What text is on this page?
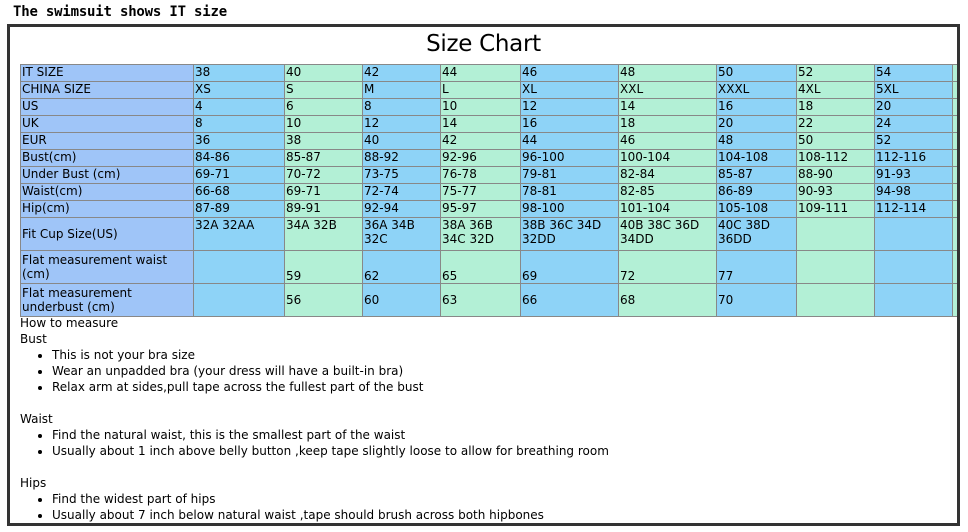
The swimsuit shows IT size
Size Chart
IT SIZE	38	40	42	44	46	48	50	52	54	
CHINA SIZE	XS	S	M	L	XL	XXL	XXXL	4XL	5XL	
US	4	6	8	10	12	14	16	18	20	
UK	8	10	12	14	16	18	20	22	24	
EUR	36	38	40	42	44	46	48	50	52	
Bust(cm)	84-86	85-87	88-92	92-96	96-100	100-104	104-108	108-112	112-116	
Under Bust (cm)	69-71	70-72	73-75	76-78	79-81	82-84	85-87	88-90	91-93	
Waist(cm)	66-68	69-71	72-74	75-77	78-81	82-85	86-89	90-93	94-98	
Hip(cm)	87-89	89-91	92-94	95-97	98-100	101-104	105-108	109-111	112-114	
Fit Cup Size(US)	32A 32AA	34A 32B	36A 34B 32C	38A 36B 34C 32D	38B 36C 34D 32DD	40B 38C 36D 34DD	40C 38D 36DD			
Flat measurement waist (cm)		59	62	65	69	72	77			
Flat measurement underbust (cm)		56	60	63	66	68	70			
How to measure
Bust
• This is not your bra size
• Wear an unpadded bra (your dress will have a built-in bra)
• Relax arm at sides,pull tape across the fullest part of the bust
Waist
• Find the natural waist, this is the smallest part of the waist
• Usually about 1 inch above belly button ,keep tape slightly loose to allow for breathing room
Hips
• Find the widest part of hips
• Usually about 7 inch below natural waist ,tape should brush across both hipbones
